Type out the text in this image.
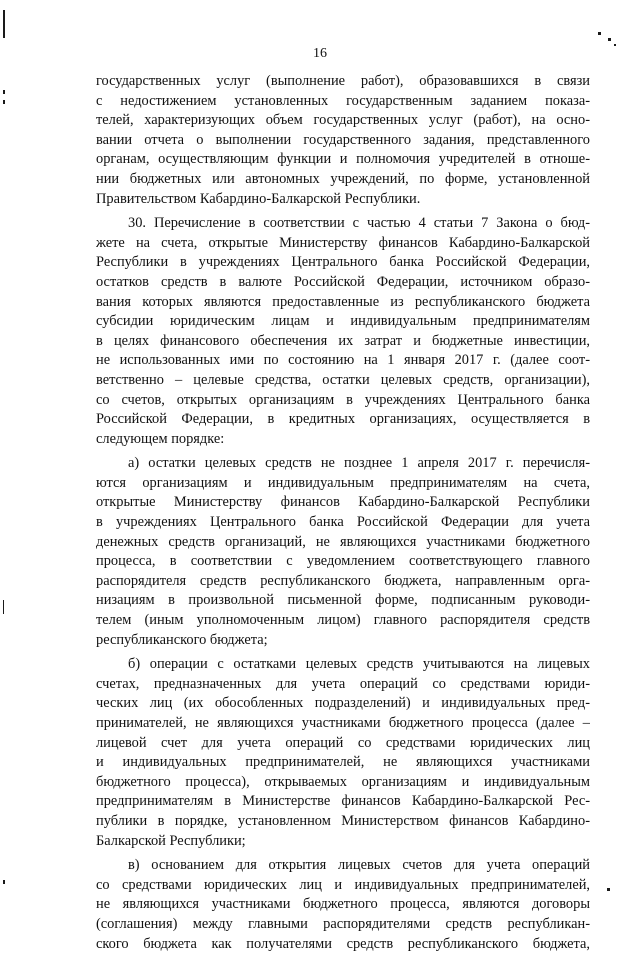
16
государственных услуг (выполнение работ), образовавшихся в связи
с недостижением установленных государственным заданием показа-
телей, характеризующих объем государственных услуг (работ), на осно-
вании отчета о выполнении государственного задания, представленного
органам, осуществляющим функции и полномочия учредителей в отноше-
нии бюджетных или автономных учреждений, по форме, установленной
Правительством Кабардино-Балкарской Республики.
30. Перечисление в соответствии с частью 4 статьи 7 Закона о бюд-
жете на счета, открытые Министерству финансов Кабардино-Балкарской
Республики в учреждениях Центрального банка Российской Федерации,
остатков средств в валюте Российской Федерации, источником образо-
вания которых являются предоставленные из республиканского бюджета
субсидии юридическим лицам и индивидуальным предпринимателям
в целях финансового обеспечения их затрат и бюджетные инвестиции,
не использованных ими по состоянию на 1 января 2017 г. (далее соот-
ветственно – целевые средства, остатки целевых средств, организации),
со счетов, открытых организациям в учреждениях Центрального банка
Российской Федерации, в кредитных организациях, осуществляется в
следующем порядке:
а) остатки целевых средств не позднее 1 апреля 2017 г. перечисля-
ются организациям и индивидуальным предпринимателям на счета,
открытые Министерству финансов Кабардино-Балкарской Республики
в учреждениях Центрального банка Российской Федерации для учета
денежных средств организаций, не являющихся участниками бюджетного
процесса, в соответствии с уведомлением соответствующего главного
распорядителя средств республиканского бюджета, направленным орга-
низациям в произвольной письменной форме, подписанным руководи-
телем (иным уполномоченным лицом) главного распорядителя средств
республиканского бюджета;
б) операции с остатками целевых средств учитываются на лицевых
счетах, предназначенных для учета операций со средствами юриди-
ческих лиц (их обособленных подразделений) и индивидуальных пред-
принимателей, не являющихся участниками бюджетного процесса (далее –
лицевой счет для учета операций со средствами юридических лиц
и индивидуальных предпринимателей, не являющихся участниками
бюджетного процесса), открываемых организациям и индивидуальным
предпринимателям в Министерстве финансов Кабардино-Балкарской Рес-
публики в порядке, установленном Министерством финансов Кабардино-
Балкарской Республики;
в) основанием для открытия лицевых счетов для учета операций
со средствами юридических лиц и индивидуальных предпринимателей,
не являющихся участниками бюджетного процесса, являются договоры
(соглашения) между главными распорядителями средств республикан-
ского бюджета как получателями средств республиканского бюджета,
